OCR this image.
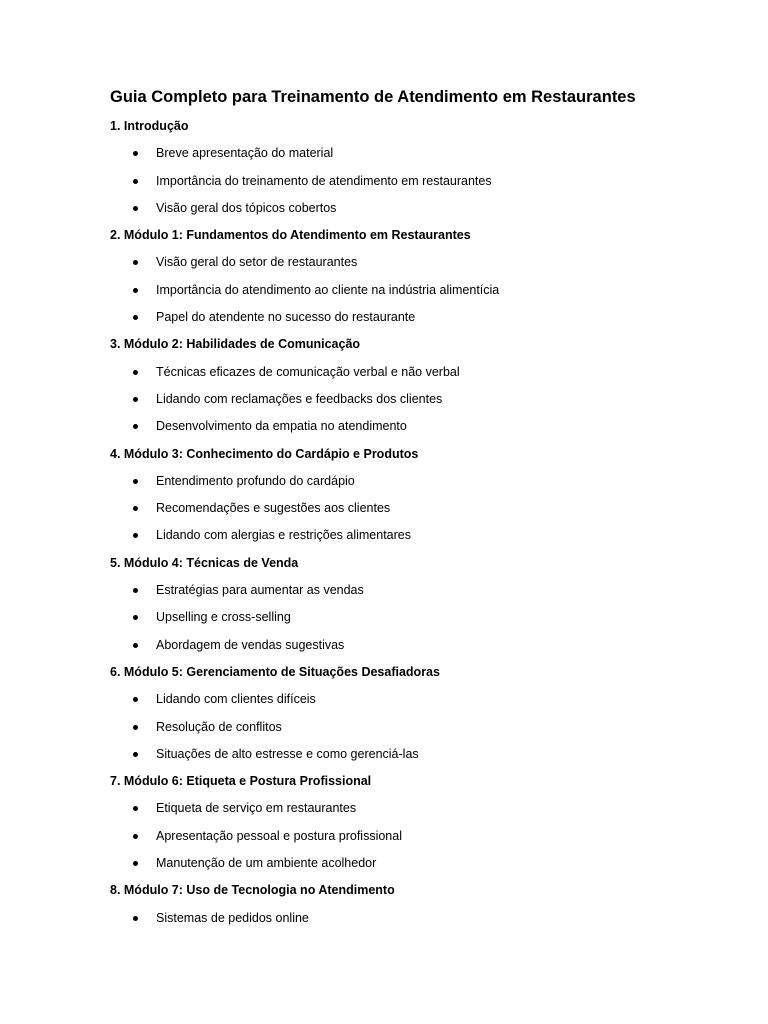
Guia Completo para Treinamento de Atendimento em Restaurantes
1. Introdução
Breve apresentação do material
Importância do treinamento de atendimento em restaurantes
Visão geral dos tópicos cobertos
2. Módulo 1: Fundamentos do Atendimento em Restaurantes
Visão geral do setor de restaurantes
Importância do atendimento ao cliente na indústria alimentícia
Papel do atendente no sucesso do restaurante
3. Módulo 2: Habilidades de Comunicação
Técnicas eficazes de comunicação verbal e não verbal
Lidando com reclamações e feedbacks dos clientes
Desenvolvimento da empatia no atendimento
4. Módulo 3: Conhecimento do Cardápio e Produtos
Entendimento profundo do cardápio
Recomendações e sugestões aos clientes
Lidando com alergias e restrições alimentares
5. Módulo 4: Técnicas de Venda
Estratégias para aumentar as vendas
Upselling e cross-selling
Abordagem de vendas sugestivas
6. Módulo 5: Gerenciamento de Situações Desafiadoras
Lidando com clientes difíceis
Resolução de conflitos
Situações de alto estresse e como gerenciá-las
7. Módulo 6: Etiqueta e Postura Profissional
Etiqueta de serviço em restaurantes
Apresentação pessoal e postura profissional
Manutenção de um ambiente acolhedor
8. Módulo 7: Uso de Tecnologia no Atendimento
Sistemas de pedidos online
